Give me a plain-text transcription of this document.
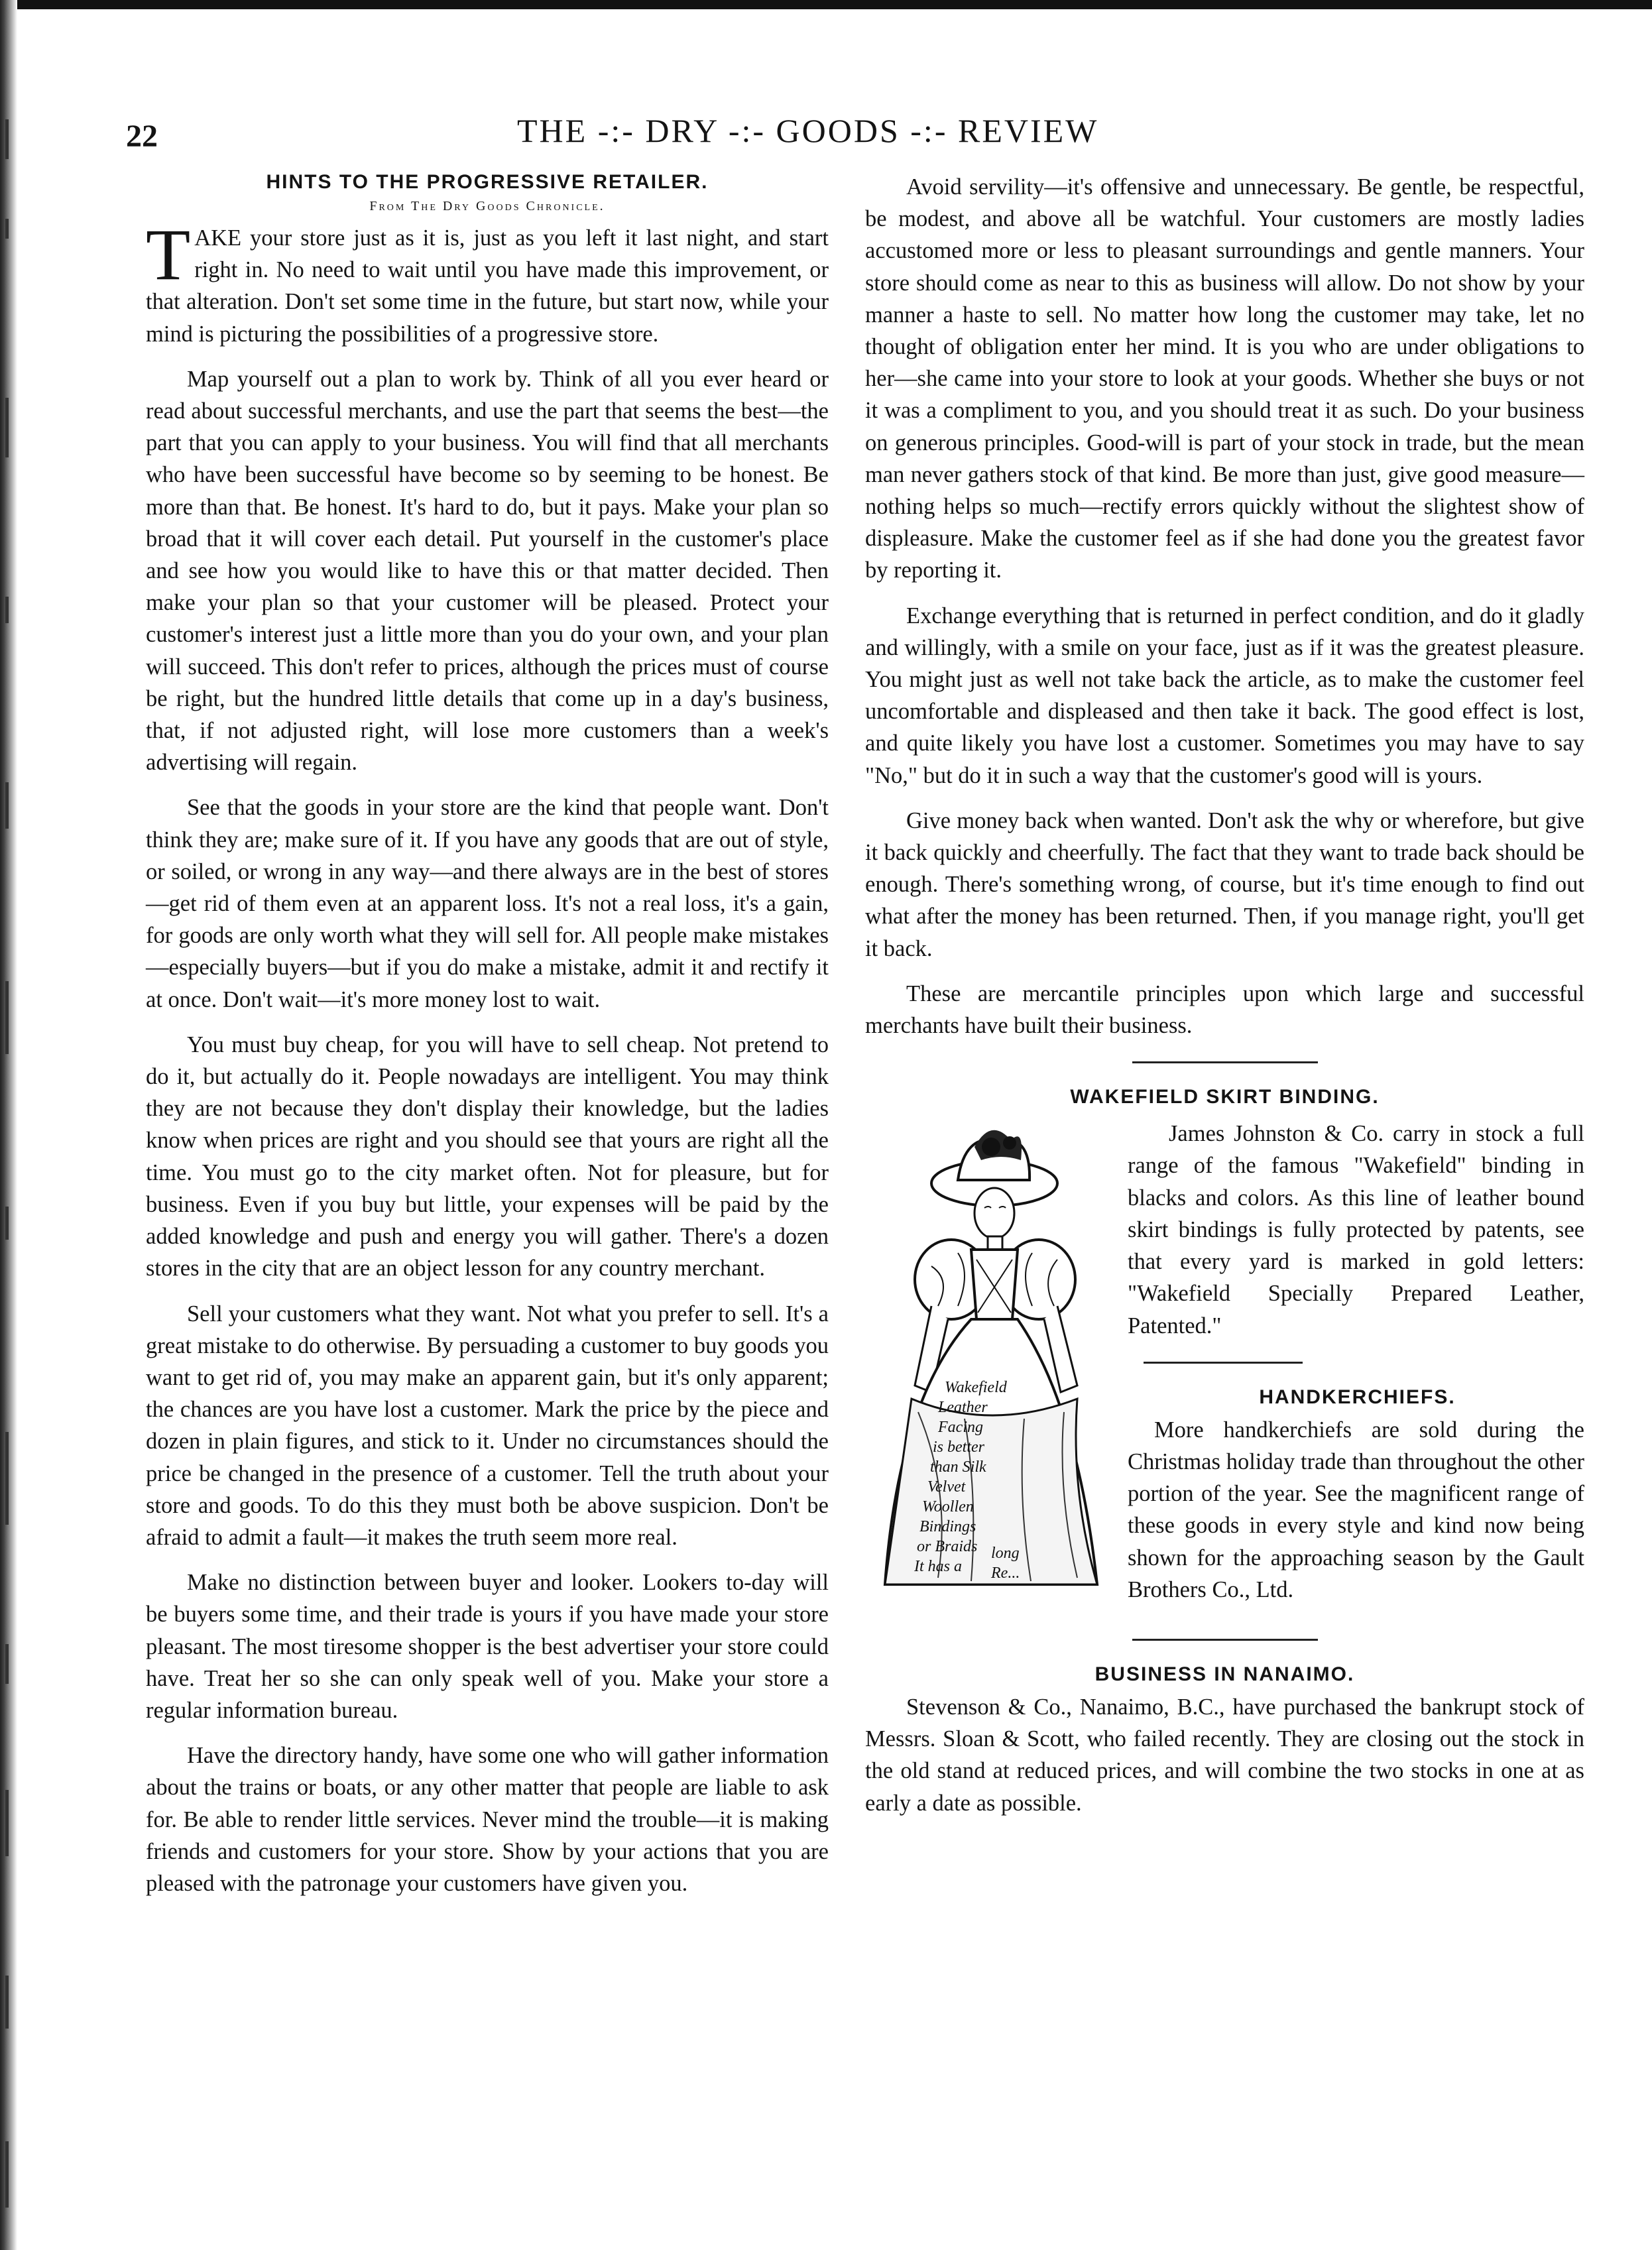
22	THE -:- DRY -:- GOODS -:- REVIEW
HINTS TO THE PROGRESSIVE RETAILER.
From The Dry Goods Chronicle.

TAKE your store just as it is, just as you left it last night, and start right in. No need to wait until you have made this improvement, or that alteration. Don't set some time in the future, but start now, while your mind is picturing the possibilities of a progressive store.

Map yourself out a plan to work by. Think of all you ever heard or read about successful merchants, and use the part that seems the best—the part that you can apply to your business. You will find that all merchants who have been successful have become so by seeming to be honest. Be more than that. Be honest. It's hard to do, but it pays. Make your plan so broad that it will cover each detail. Put yourself in the customer's place and see how you would like to have this or that matter decided. Then make your plan so that your customer will be pleased. Protect your customer's interest just a little more than you do your own, and your plan will succeed. This don't refer to prices, although the prices must of course be right, but the hundred little details that come up in a day's business, that, if not adjusted right, will lose more customers than a week's advertising will regain.

See that the goods in your store are the kind that people want. Don't think they are; make sure of it. If you have any goods that are out of style, or soiled, or wrong in any way—and there always are in the best of stores—get rid of them even at an apparent loss. It's not a real loss, it's a gain, for goods are only worth what they will sell for. All people make mistakes—especially buyers—but if you do make a mistake, admit it and rectify it at once. Don't wait—it's more money lost to wait.

You must buy cheap, for you will have to sell cheap. Not pretend to do it, but actually do it. People nowadays are intelligent. You may think they are not because they don't display their knowledge, but the ladies know when prices are right and you should see that yours are right all the time. You must go to the city market often. Not for pleasure, but for business. Even if you buy but little, your expenses will be paid by the added knowledge and push and energy you will gather. There's a dozen stores in the city that are an object lesson for any country merchant.

Sell your customers what they want. Not what you prefer to sell. It's a great mistake to do otherwise. By persuading a customer to buy goods you want to get rid of, you may make an apparent gain, but it's only apparent; the chances are you have lost a customer. Mark the price by the piece and dozen in plain figures, and stick to it. Under no circumstances should the price be changed in the presence of a customer. Tell the truth about your store and goods. To do this they must both be above suspicion. Don't be afraid to admit a fault—it makes the truth seem more real.

Make no distinction between buyer and looker. Lookers to-day will be buyers some time, and their trade is yours if you have made your store pleasant. The most tiresome shopper is the best advertiser your store could have. Treat her so she can only speak well of you. Make your store a regular information bureau.

Have the directory handy, have some one who will gather information about the trains or boats, or any other matter that people are liable to ask for. Be able to render little services. Never mind the trouble—it is making friends and customers for your store. Show by your actions that you are pleased with the patronage your customers have given you.

Avoid servility—it's offensive and unnecessary. Be gentle, be respectful, be modest, and above all be watchful. Your customers are mostly ladies accustomed more or less to pleasant surroundings and gentle manners. Your store should come as near to this as business will allow. Do not show by your manner a haste to sell. No matter how long the customer may take, let no thought of obligation enter her mind. It is you who are under obligations to her—she came into your store to look at your goods. Whether she buys or not it was a compliment to you, and you should treat it as such. Do your business on generous principles. Good-will is part of your stock in trade, but the mean man never gathers stock of that kind. Be more than just, give good measure—nothing helps so much—rectify errors quickly without the slightest show of displeasure. Make the customer feel as if she had done you the greatest favor by reporting it.

Exchange everything that is returned in perfect condition, and do it gladly and willingly, with a smile on your face, just as if it was the greatest pleasure. You might just as well not take back the article, as to make the customer feel uncomfortable and displeased and then take it back. The good effect is lost, and quite likely you have lost a customer. Sometimes you may have to say "No," but do it in such a way that the customer's good will is yours.

Give money back when wanted. Don't ask the why or wherefore, but give it back quickly and cheerfully. The fact that they want to trade back should be enough. There's something wrong, of course, but it's time enough to find out what after the money has been returned. Then, if you manage right, you'll get it back.

These are mercantile principles upon which large and successful merchants have built their business.

WAKEFIELD SKIRT BINDING.
Wakefield
Leather
Facing
is better
than Silk
Velvet
Woollen
Bindings
or Braids
It has a
long
Re...

James Johnston & Co. carry in stock a full range of the famous "Wakefield" binding in blacks and colors. As this line of leather bound skirt bindings is fully protected by patents, see that every yard is marked in gold letters: "Wakefield Specially Prepared Leather, Patented."

HANDKERCHIEFS.

More handkerchiefs are sold during the Christmas holiday trade than throughout the other portion of the year. See the magnificent range of these goods in every style and kind now being shown for the approaching season by the Gault Brothers Co., Ltd.

BUSINESS IN NANAIMO.

Stevenson & Co., Nanaimo, B.C., have purchased the bankrupt stock of Messrs. Sloan & Scott, who failed recently. They are closing out the stock in the old stand at reduced prices, and will combine the two stocks in one at as early a date as possible.
